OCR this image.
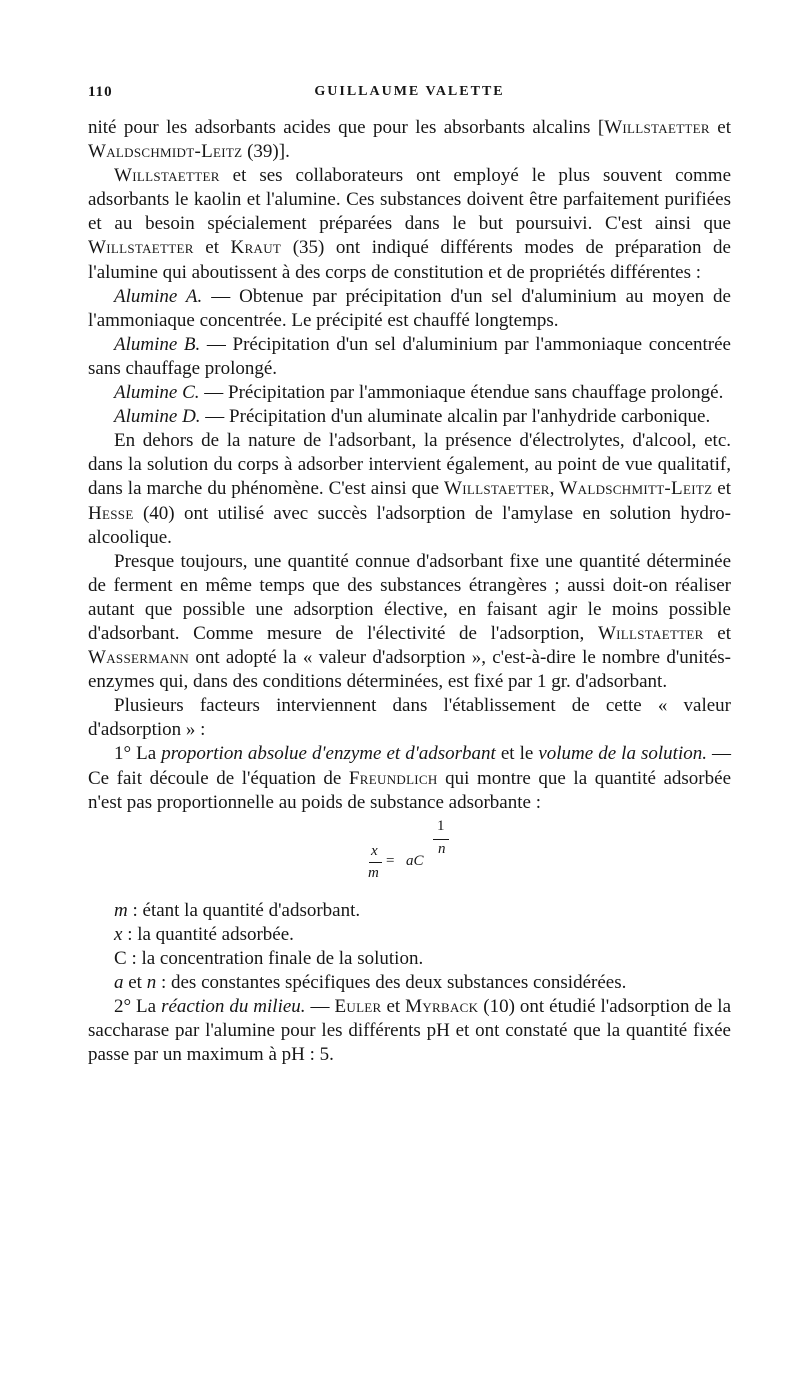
110	GUILLAUME VALETTE

nité pour les adsorbants acides que pour les absorbants alcalins [Willstaetter et Waldschmidt-Leitz (39)].

Willstaetter et ses collaborateurs ont employé le plus souvent comme adsorbants le kaolin et l'alumine. Ces substances doivent être parfaitement purifiées et au besoin spécialement préparées dans le but poursuivi. C'est ainsi que Willstaetter et Kraut (35) ont indiqué différents modes de préparation de l'alumine qui aboutissent à des corps de constitution et de propriétés différentes :

Alumine A. — Obtenue par précipitation d'un sel d'aluminium au moyen de l'ammoniaque concentrée. Le précipité est chauffé longtemps.

Alumine B. — Précipitation d'un sel d'aluminium par l'ammoniaque concentrée sans chauffage prolongé.

Alumine C. — Précipitation par l'ammoniaque étendue sans chauffage prolongé.

Alumine D. — Précipitation d'un aluminate alcalin par l'anhydride carbonique.

En dehors de la nature de l'adsorbant, la présence d'électrolytes, d'alcool, etc. dans la solution du corps à adsorber intervient également, au point de vue qualitatif, dans la marche du phénomène. C'est ainsi que Willstaetter, Waldschmitt-Leitz et Hesse (40) ont utilisé avec succès l'adsorption de l'amylase en solution hydro-alcoolique.

Presque toujours, une quantité connue d'adsorbant fixe une quantité déterminée de ferment en même temps que des substances étrangères ; aussi doit-on réaliser autant que possible une adsorption élective, en faisant agir le moins possible d'adsorbant. Comme mesure de l'électivité de l'adsorption, Willstaetter et Wassermann ont adopté la « valeur d'adsorption », c'est-à-dire le nombre d'unités-enzymes qui, dans des conditions déterminées, est fixé par 1 gr. d'adsorbant.

Plusieurs facteurs interviennent dans l'établissement de cette « valeur d'adsorption » :

1° La proportion absolue d'enzyme et d'adsorbant et le volume de la solution. — Ce fait découle de l'équation de Freundlich qui montre que la quantité adsorbée n'est pas proportionnelle au poids de substance adsorbante :

x
m
= aC
1
n

m : étant la quantité d'adsorbant.

x : la quantité adsorbée.

C : la concentration finale de la solution.

a et n : des constantes spécifiques des deux substances considérées.

2° La réaction du milieu. — Euler et Myrback (10) ont étudié l'adsorption de la saccharase par l'alumine pour les différents pH et ont constaté que la quantité fixée passe par un maximum à pH : 5.
